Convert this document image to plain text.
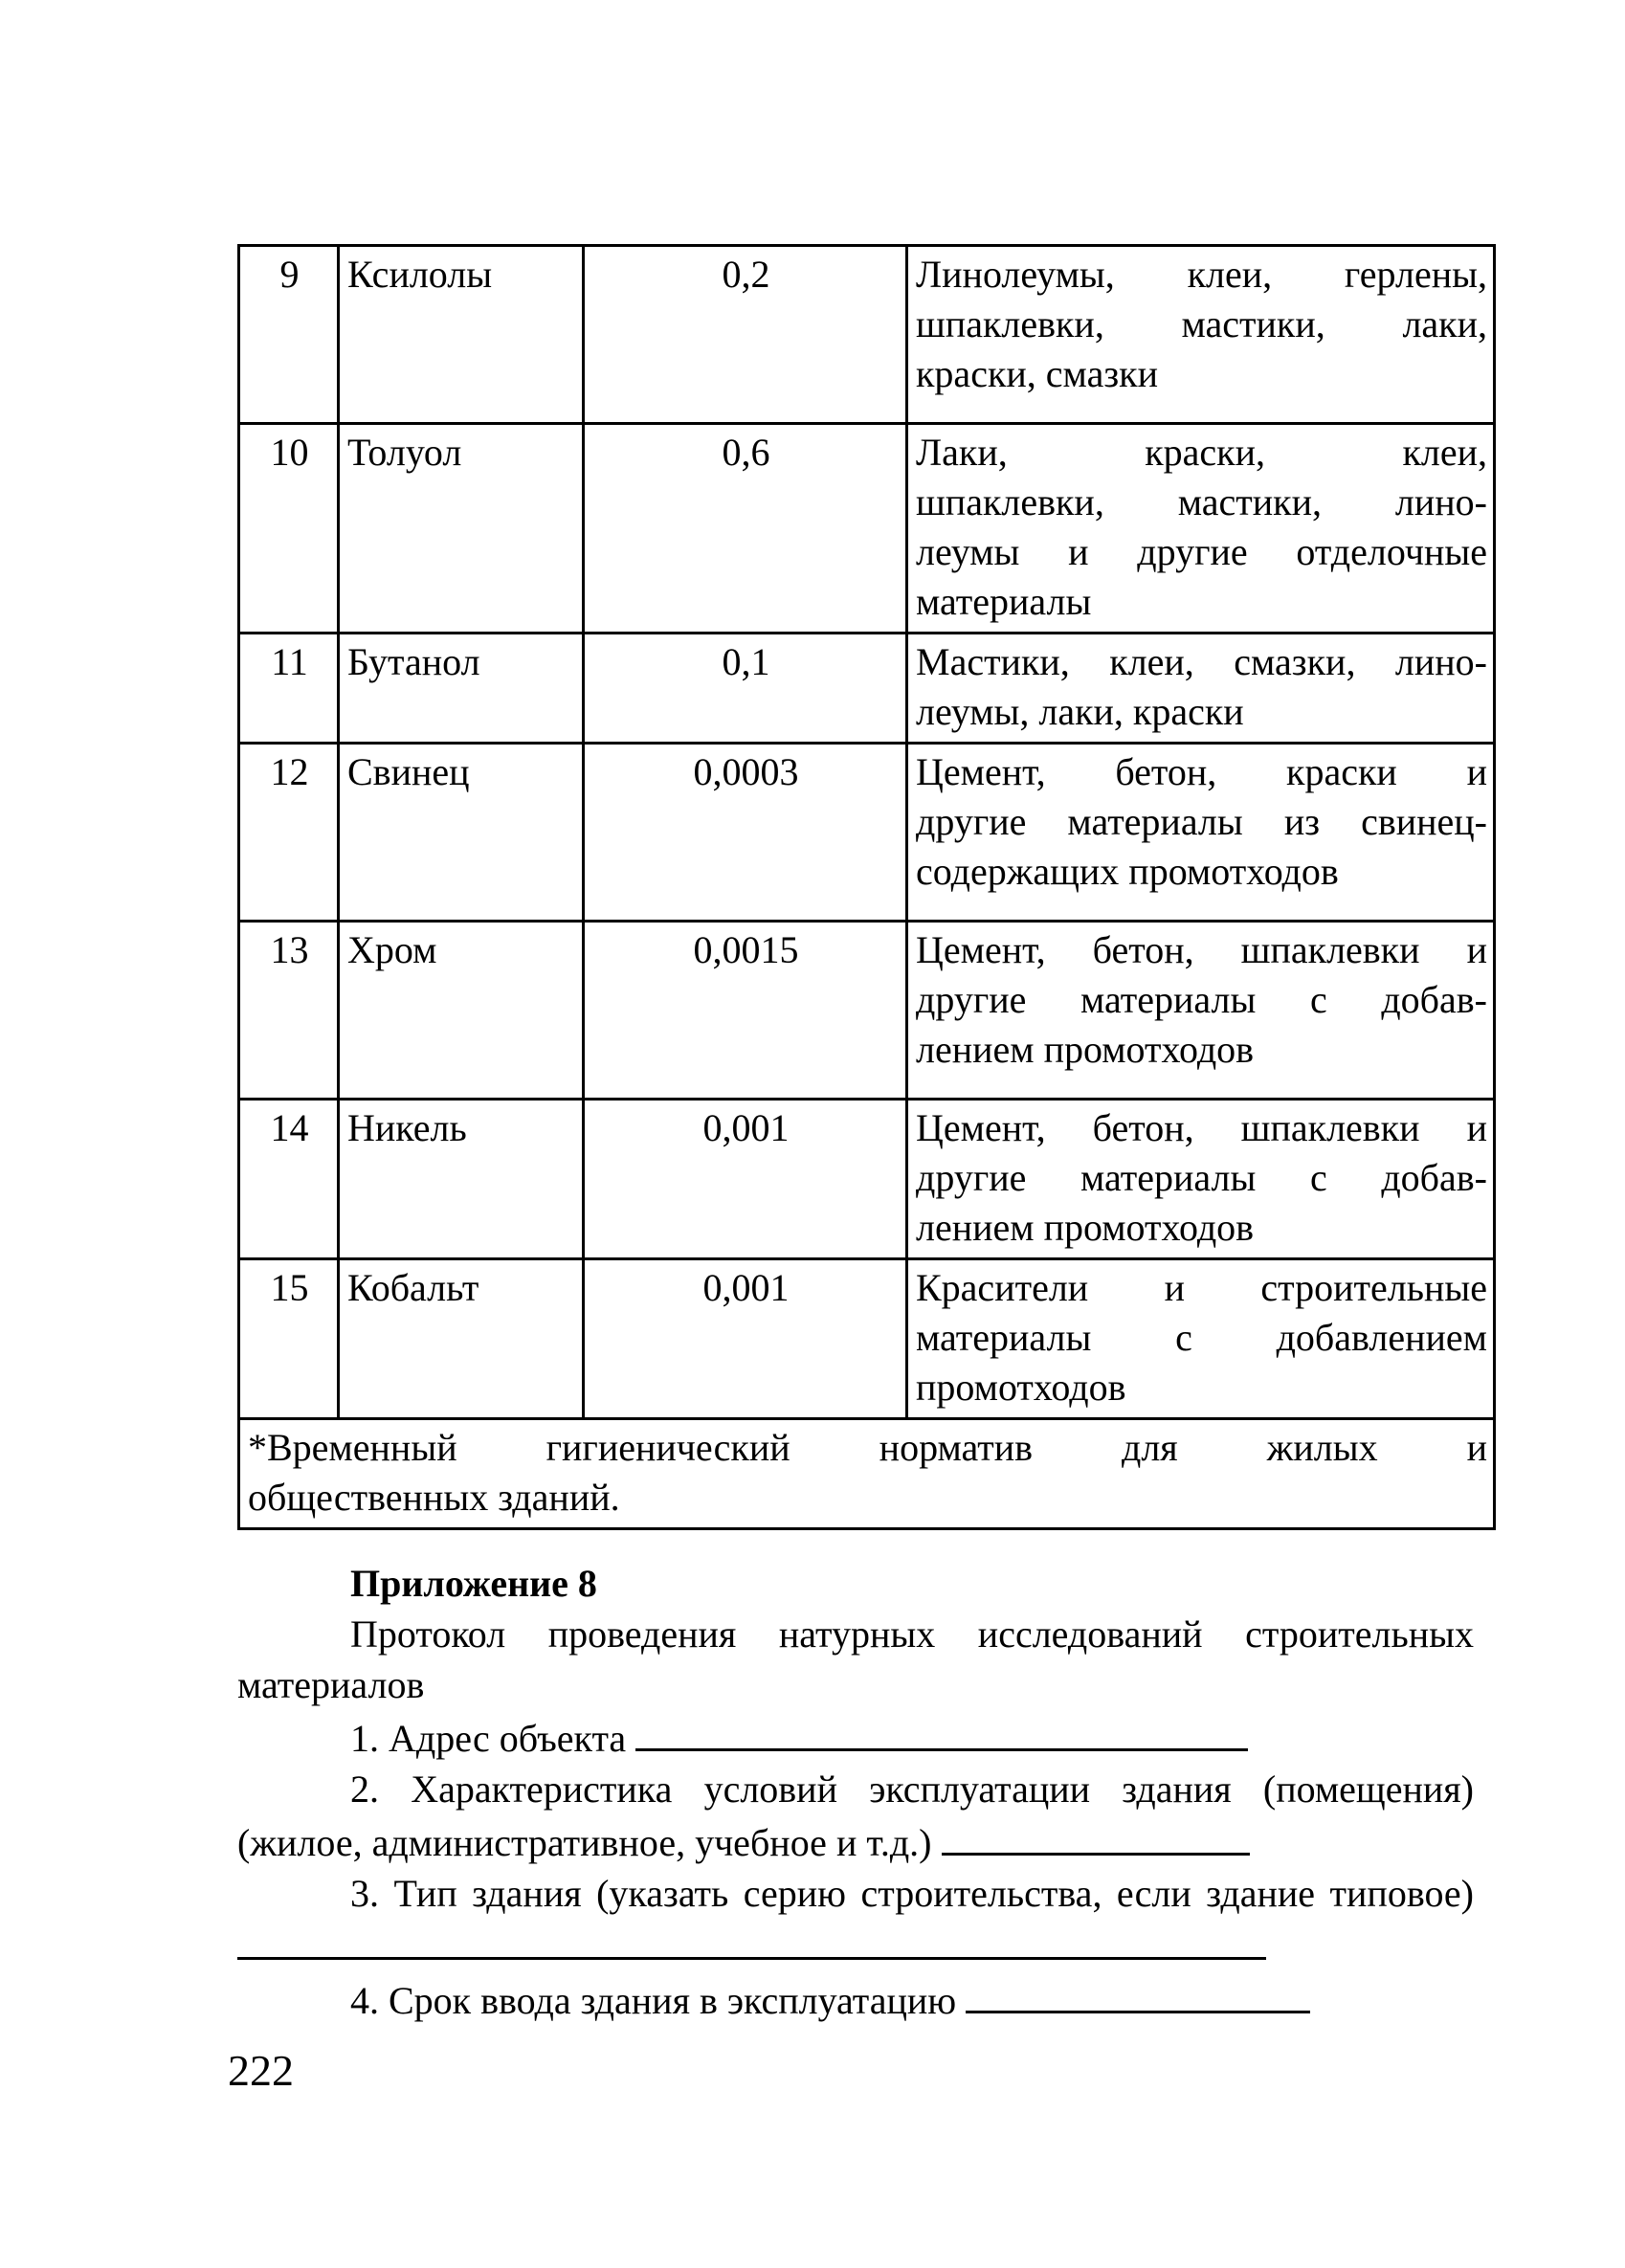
9	Ксилолы	0,2	Линолеумы, клеи, герлены,
шпаклевки, мастики, лаки,
краски, смазки

10	Толуол	0,6	Лаки, краски, клеи,
шпаклевки, мастики, лино-
леумы и другие отделочные
материалы

11	Бутанол	0,1	Мастики, клеи, смазки, лино-
леумы, лаки, краски

12	Свинец	0,0003	Цемент, бетон, краски и
другие материалы из свинец-
содержащих промотходов

13	Хром	0,0015	Цемент, бетон, шпаклевки и
другие материалы с добав-
лением промотходов

14	Никель	0,001	Цемент, бетон, шпаклевки и
другие материалы с добав-
лением промотходов

15	Кобальт	0,001	Красители и строительные
материалы с добавлением
промотходов

*Временный гигиенический норматив для жилых и
общественных зданий.			
Приложение 8
Протокол проведения натурных исследований строительных материалов
1. Адрес объекта
2. Характеристика условий эксплуатации здания (помещения) (жилое, административное, учебное и т.д.)
3. Тип здания (указать серию строительства, если здание типовое)
4. Срок ввода здания в эксплуатацию
222
